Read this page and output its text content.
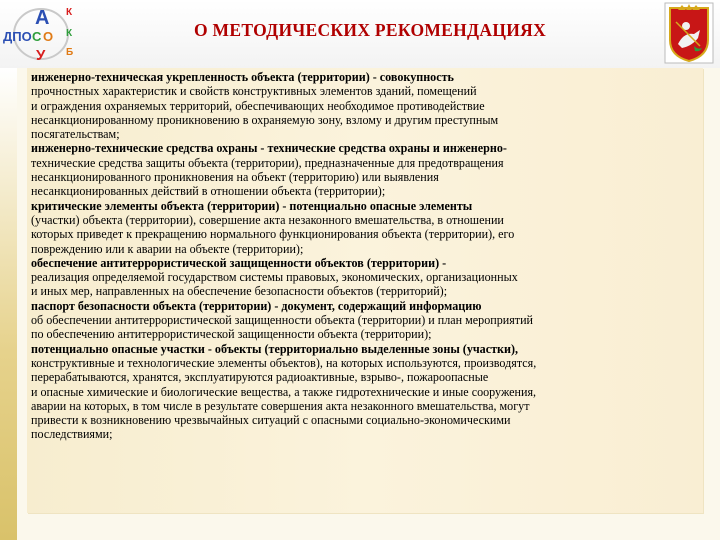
А К
К
Б
ДПО С О
У
О МЕТОДИЧЕСКИХ РЕКОМЕНДАЦИЯХ
инженерно-техническая укрепленность объекта (территории) - совокупность
прочностных характеристик и свойств конструктивных элементов зданий, помещений
и ограждения охраняемых территорий, обеспечивающих необходимое противодействие
несанкционированному проникновению в охраняемую зону, взлому и другим преступным
посягательствам;
инженерно-технические средства охраны - технические средства охраны и инженерно-
технические средства защиты объекта (территории), предназначенные для предотвращения
несанкционированного проникновения на объект (территорию) или выявления
несанкционированных действий в отношении объекта (территории);
критические элементы объекта (территории) - потенциально опасные элементы
(участки) объекта (территории), совершение акта незаконного вмешательства, в отношении
которых приведет к прекращению нормального функционирования объекта (территории), его
повреждению или к аварии на объекте (территории);
обеспечение антитеррористической защищенности объектов (территории) -
реализация определяемой государством системы правовых, экономических, организационных
и иных мер, направленных на обеспечение безопасности объектов (территорий);
паспорт безопасности объекта (территории) - документ, содержащий информацию
об обеспечении антитеррористической защищенности объекта (территории) и план мероприятий
по обеспечению антитеррористической защищенности объекта (территории);
потенциально опасные участки - объекты (территориально выделенные зоны (участки),
конструктивные и технологические элементы объектов), на которых используются, производятся,
перерабатываются, хранятся, эксплуатируются радиоактивные, взрыво-, пожароопасные
и опасные химические и биологические вещества, а также гидротехнические и иные сооружения,
аварии на которых, в том числе в результате совершения акта незаконного вмешательства, могут
привести к возникновению чрезвычайных ситуаций с опасными социально-экономическими
последствиями;
